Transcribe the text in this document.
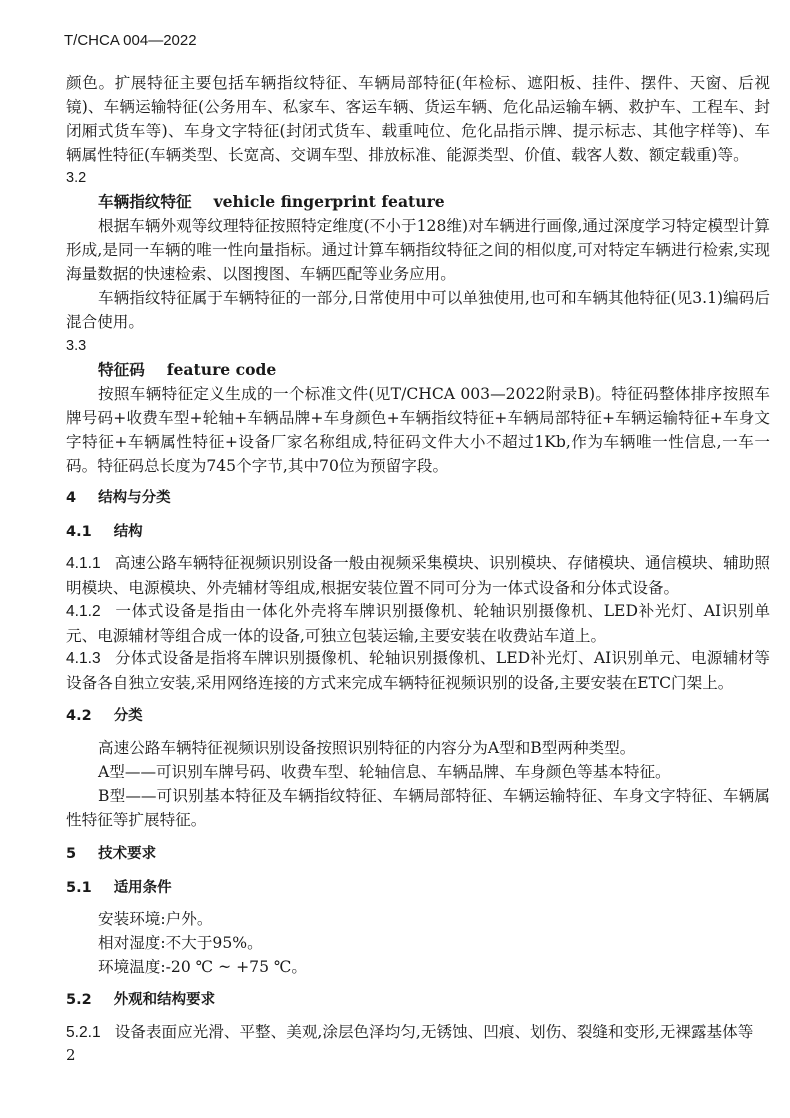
T/CHCA 004—2022
颜色。扩展特征主要包括车辆指纹特征、车辆局部特征(年检标、遮阳板、挂件、摆件、天窗、后视镜)、车辆运输特征(公务用车、私家车、客运车辆、货运车辆、危化品运输车辆、救护车、工程车、封闭厢式货车等)、车身文字特征(封闭式货车、载重吨位、危化品指示牌、提示标志、其他字样等)、车辆属性特征(车辆类型、长宽高、交调车型、排放标准、能源类型、价值、载客人数、额定载重)等。
3.2
车辆指纹特征 vehicle fingerprint feature
根据车辆外观等纹理特征按照特定维度(不小于128维)对车辆进行画像,通过深度学习特定模型计算形成,是同一车辆的唯一性向量指标。通过计算车辆指纹特征之间的相似度,可对特定车辆进行检索,实现海量数据的快速检索、以图搜图、车辆匹配等业务应用。
车辆指纹特征属于车辆特征的一部分,日常使用中可以单独使用,也可和车辆其他特征(见3.1)编码后混合使用。
3.3
特征码 feature code
按照车辆特征定义生成的一个标准文件(见T/CHCA 003—2022附录B)。特征码整体排序按照车牌号码+收费车型+轮轴+车辆品牌+车身颜色+车辆指纹特征+车辆局部特征+车辆运输特征+车身文字特征+车辆属性特征+设备厂家名称组成,特征码文件大小不超过1Kb,作为车辆唯一性信息,一车一码。特征码总长度为745个字节,其中70位为预留字段。
4 结构与分类
4.1 结构
4.1.1 高速公路车辆特征视频识别设备一般由视频采集模块、识别模块、存储模块、通信模块、辅助照明模块、电源模块、外壳辅材等组成,根据安装位置不同可分为一体式设备和分体式设备。
4.1.2 一体式设备是指由一体化外壳将车牌识别摄像机、轮轴识别摄像机、LED补光灯、AI识别单元、电源辅材等组合成一体的设备,可独立包装运输,主要安装在收费站车道上。
4.1.3 分体式设备是指将车牌识别摄像机、轮轴识别摄像机、LED补光灯、AI识别单元、电源辅材等设备各自独立安装,采用网络连接的方式来完成车辆特征视频识别的设备,主要安装在ETC门架上。
4.2 分类
高速公路车辆特征视频识别设备按照识别特征的内容分为A型和B型两种类型。
A型——可识别车牌号码、收费车型、轮轴信息、车辆品牌、车身颜色等基本特征。
B型——可识别基本特征及车辆指纹特征、车辆局部特征、车辆运输特征、车身文字特征、车辆属性特征等扩展特征。
5 技术要求
5.1 适用条件
安装环境:户外。
相对湿度:不大于95%。
环境温度:-20 ℃ ~ +75 ℃。
5.2 外观和结构要求
5.2.1 设备表面应光滑、平整、美观,涂层色泽均匀,无锈蚀、凹痕、划伤、裂缝和变形,无裸露基体等
2
